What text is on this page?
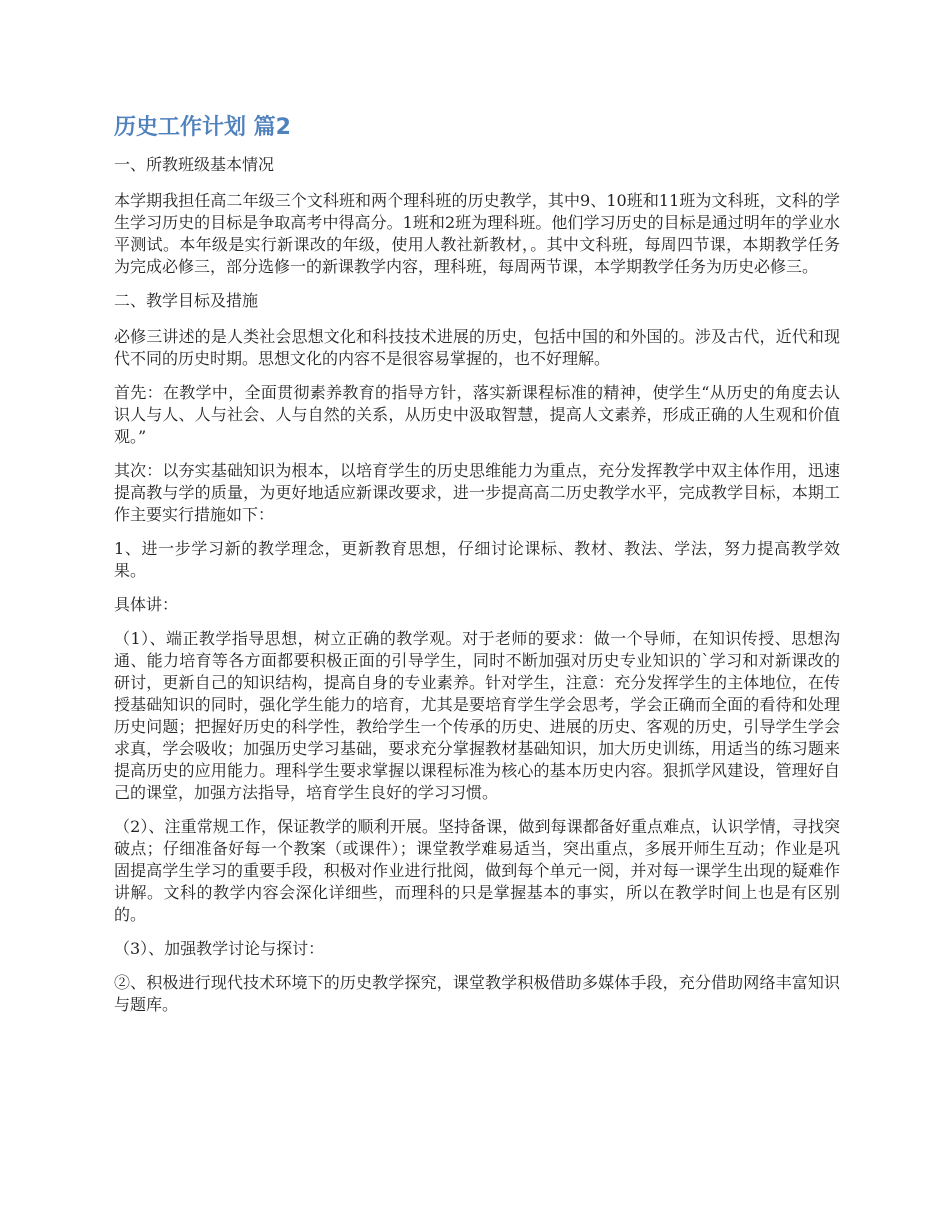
历史工作计划 篇2

一、所教班级基本情况

本学期我担任高二年级三个文科班和两个理科班的历史教学，其中9、10班和11班为文科班，文科的学生学习历史的目标是争取高考中得高分。1班和2班为理科班。他们学习历史的目标是通过明年的学业水平测试。本年级是实行新课改的年级，使用人教社新教材，。其中文科班，每周四节课，本期教学任务为完成必修三，部分选修一的新课教学内容，理科班，每周两节课，本学期教学任务为历史必修三。

二、教学目标及措施

必修三讲述的是人类社会思想文化和科技技术进展的历史，包括中国的和外国的。涉及古代，近代和现代不同的历史时期。思想文化的内容不是很容易掌握的，也不好理解。

首先：在教学中，全面贯彻素养教育的指导方针，落实新课程标准的精神，使学生“从历史的角度去认识人与人、人与社会、人与自然的关系，从历史中汲取智慧，提高人文素养，形成正确的人生观和价值观。”

其次：以夯实基础知识为根本，以培育学生的历史思维能力为重点，充分发挥教学中双主体作用，迅速提高教与学的质量，为更好地适应新课改要求，进一步提高高二历史教学水平，完成教学目标，本期工作主要实行措施如下：

1、进一步学习新的教学理念，更新教育思想，仔细讨论课标、教材、教法、学法，努力提高教学效果。

具体讲：

（1）、端正教学指导思想，树立正确的教学观。对于老师的要求：做一个导师，在知识传授、思想沟通、能力培育等各方面都要积极正面的引导学生，同时不断加强对历史专业知识的`学习和对新课改的研讨，更新自己的知识结构，提高自身的专业素养。针对学生，注意：充分发挥学生的主体地位，在传授基础知识的同时，强化学生能力的培育，尤其是要培育学生学会思考，学会正确而全面的看待和处理历史问题；把握好历史的科学性，教给学生一个传承的历史、进展的历史、客观的历史，引导学生学会求真，学会吸收；加强历史学习基础，要求充分掌握教材基础知识，加大历史训练，用适当的练习题来提高历史的应用能力。理科学生要求掌握以课程标准为核心的基本历史内容。狠抓学风建设，管理好自己的课堂，加强方法指导，培育学生良好的学习习惯。

（2）、注重常规工作，保证教学的顺利开展。坚持备课，做到每课都备好重点难点，认识学情，寻找突破点；仔细准备好每一个教案（或课件）；课堂教学难易适当，突出重点，多展开师生互动；作业是巩固提高学生学习的重要手段，积极对作业进行批阅，做到每个单元一阅，并对每一课学生出现的疑难作讲解。文科的教学内容会深化详细些，而理科的只是掌握基本的事实，所以在教学时间上也是有区别的。

（3）、加强教学讨论与探讨：

②、积极进行现代技术环境下的历史教学探究，课堂教学积极借助多媒体手段，充分借助网络丰富知识与题库。
